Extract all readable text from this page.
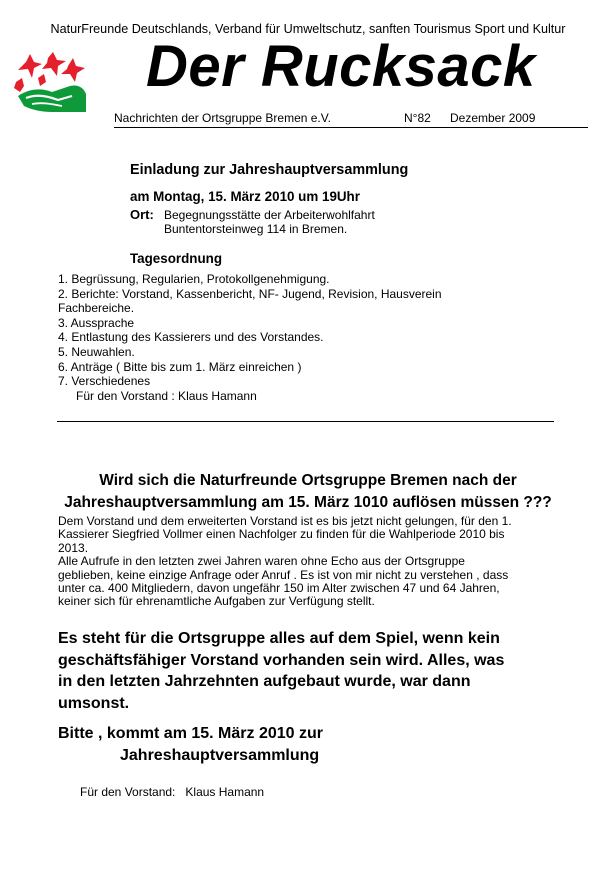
NaturFreunde Deutschlands, Verband für Umweltschutz, sanften Tourismus Sport und Kultur
Der Rucksack
Nachrichten der Ortsgruppe Bremen e.V.	N°82 Dezember 2009
Einladung zur Jahreshauptversammlung
am Montag, 15. März 2010 um 19Uhr
Ort: Begegnungsstätte der Arbeiterwohlfahrt
Buntentorsteinweg 114 in Bremen.
Tagesordnung
1. Begrüssung, Regularien, Protokollgenehmigung.
2. Berichte: Vorstand, Kassenbericht, NF- Jugend, Revision, Hausverein
Fachbereiche.
3. Aussprache
4. Entlastung des Kassierers und des Vorstandes.
5. Neuwahlen.
6. Anträge ( Bitte bis zum 1. März einreichen )
7. Verschiedenes
Für den Vorstand : Klaus Hamann
Wird sich die Naturfreunde Ortsgruppe Bremen nach der
Jahreshauptversammlung am 15. März 1010 auflösen müssen ???
Dem Vorstand und dem erweiterten Vorstand ist es bis jetzt nicht gelungen, für den 1.
Kassierer Siegfried Vollmer einen Nachfolger zu finden für die Wahlperiode 2010 bis
2013.
Alle Aufrufe in den letzten zwei Jahren waren ohne Echo aus der Ortsgruppe
geblieben, keine einzige Anfrage oder Anruf . Es ist von mir nicht zu verstehen , dass
unter ca. 400 Mitgliedern, davon ungefähr 150 im Alter zwischen 47 und 64 Jahren,
keiner sich für ehrenamtliche Aufgaben zur Verfügung stellt.
Es steht für die Ortsgruppe alles auf dem Spiel, wenn kein
geschäftsfähiger Vorstand vorhanden sein wird. Alles, was
in den letzten Jahrzehnten aufgebaut wurde, war dann
umsonst.
Bitte , kommt am 15. März 2010 zur
Jahreshauptversammlung
Für den Vorstand:   Klaus Hamann
